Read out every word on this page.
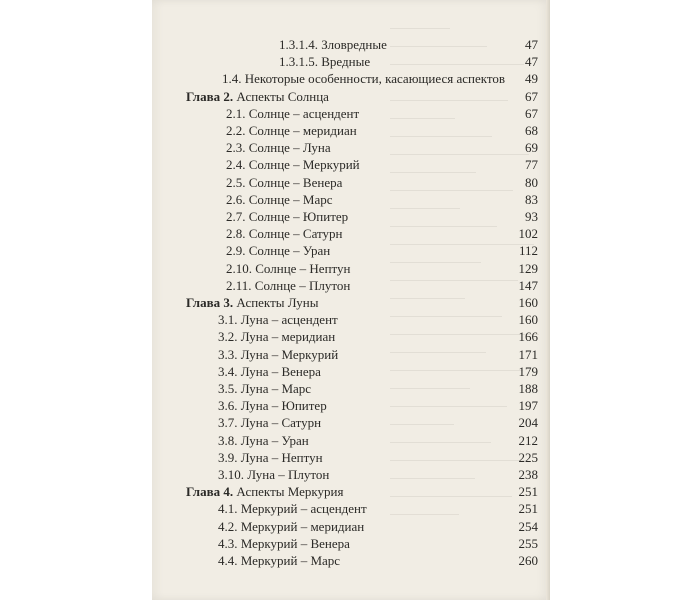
1.3.1.4. Зловредные	47
1.3.1.5. Вредные	47
1.4. Некоторые особенности, касающиеся аспектов 49
Глава 2. Аспекты Солнца	67
2.1. Солнце – асцендент	67
2.2. Солнце – меридиан	68
2.3. Солнце – Луна	69
2.4. Солнце – Меркурий	77
2.5. Солнце – Венера	80
2.6. Солнце – Марс	83
2.7. Солнце – Юпитер	93
2.8. Солнце – Сатурн	102
2.9. Солнце – Уран	112
2.10. Солнце – Нептун	129
2.11. Солнце – Плутон	147
Глава 3. Аспекты Луны	160
3.1. Луна – асцендент	160
3.2. Луна – меридиан	166
3.3. Луна – Меркурий	171
3.4. Луна – Венера	179
3.5. Луна – Марс	188
3.6. Луна – Юпитер	197
3.7. Луна – Сатурн	204
3.8. Луна – Уран	212
3.9. Луна – Нептун	225
3.10. Луна – Плутон	238
Глава 4. Аспекты Меркурия	251
4.1. Меркурий – асцендент	251
4.2. Меркурий – меридиан	254
4.3. Меркурий – Венера	255
4.4. Меркурий – Марс	260
